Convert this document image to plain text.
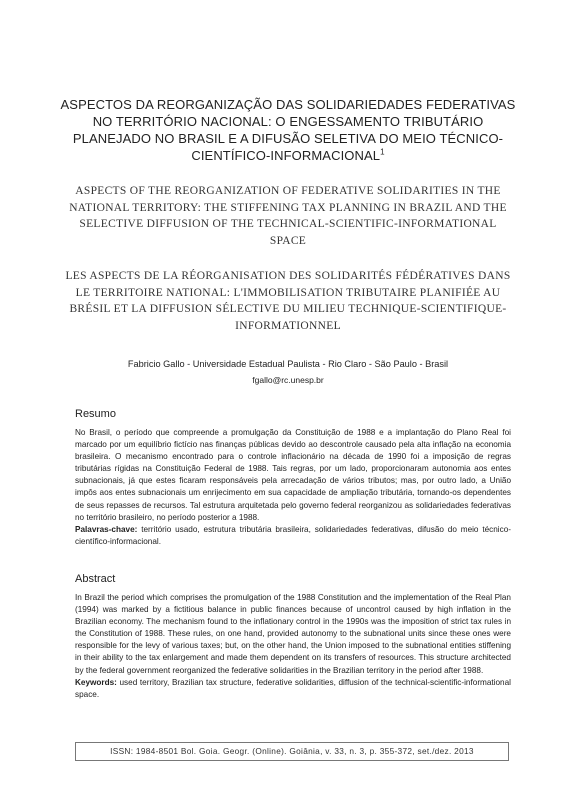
ASPECTOS DA REORGANIZAÇÃO DAS SOLIDARIEDADES FEDERATIVAS NO TERRITÓRIO NACIONAL: O ENGESSAMENTO TRIBUTÁRIO PLANEJADO NO BRASIL E A DIFUSÃO SELETIVA DO MEIO TÉCNICO-CIENTÍFICO-INFORMACIONAL$^1$
ASPECTS OF THE REORGANIZATION OF FEDERATIVE SOLIDARITIES IN THE NATIONAL TERRITORY: THE STIFFENING TAX PLANNING IN BRAZIL AND THE SELECTIVE DIFFUSION OF THE TECHNICAL-SCIENTIFIC-INFORMATIONAL SPACE
LES ASPECTS DE LA RÉORGANISATION DES SOLIDARITÉS FÉDÉRATIVES DANS LE TERRITOIRE NATIONAL: L'IMMOBILISATION TRIBUTAIRE PLANIFIÉE AU BRÉSIL ET LA DIFFUSION SÉLECTIVE DU MILIEU TECHNIQUE-SCIENTIFIQUE-INFORMATIONNEL
Fabricio Gallo - Universidade Estadual Paulista - Rio Claro - São Paulo - Brasil
fgallo@rc.unesp.br
Resumo

No Brasil, o período que compreende a promulgação da Constituição de 1988 e a implantação do Plano Real foi marcado por um equilíbrio fictício nas finanças públicas devido ao descontrole causado pela alta inflação na economia brasileira. O mecanismo encontrado para o controle inflacionário na década de 1990 foi a imposição de regras tributárias rígidas na Constituição Federal de 1988. Tais regras, por um lado, proporcionaram autonomia aos entes subnacionais, já que estes ficaram responsáveis pela arrecadação de vários tributos; mas, por outro lado, a União impôs aos entes subnacionais um enrijecimento em sua capacidade de ampliação tributária, tornando-os dependentes de seus repasses de recursos. Tal estrutura arquitetada pelo governo federal reorganizou as solidariedades federativas no território brasileiro, no período posterior a 1988.

Palavras-chave: território usado, estrutura tributária brasileira, solidariedades federativas, difusão do meio técnico-científico-informacional.

Abstract

In Brazil the period which comprises the promulgation of the 1988 Constitution and the implementation of the Real Plan (1994) was marked by a fictitious balance in public finances because of uncontrol caused by high inflation in the Brazilian economy. The mechanism found to the inflationary control in the 1990s was the imposition of strict tax rules in the Constitution of 1988. These rules, on one hand, provided autonomy to the subnational units since these ones were responsible for the levy of various taxes; but, on the other hand, the Union imposed to the subnational entities stiffening in their ability to the tax enlargement and made them dependent on its transfers of resources. This structure architected by the federal government reorganized the federative solidarities in the Brazilian territory in the period after 1988.

Keywords: used territory, Brazilian tax structure, federative solidarities, diffusion of the technical-scientific-informational space.

ISSN: 1984-8501 Bol. Goia. Geogr. (Online). Goiânia, v. 33, n. 3, p. 355-372, set./dez. 2013
